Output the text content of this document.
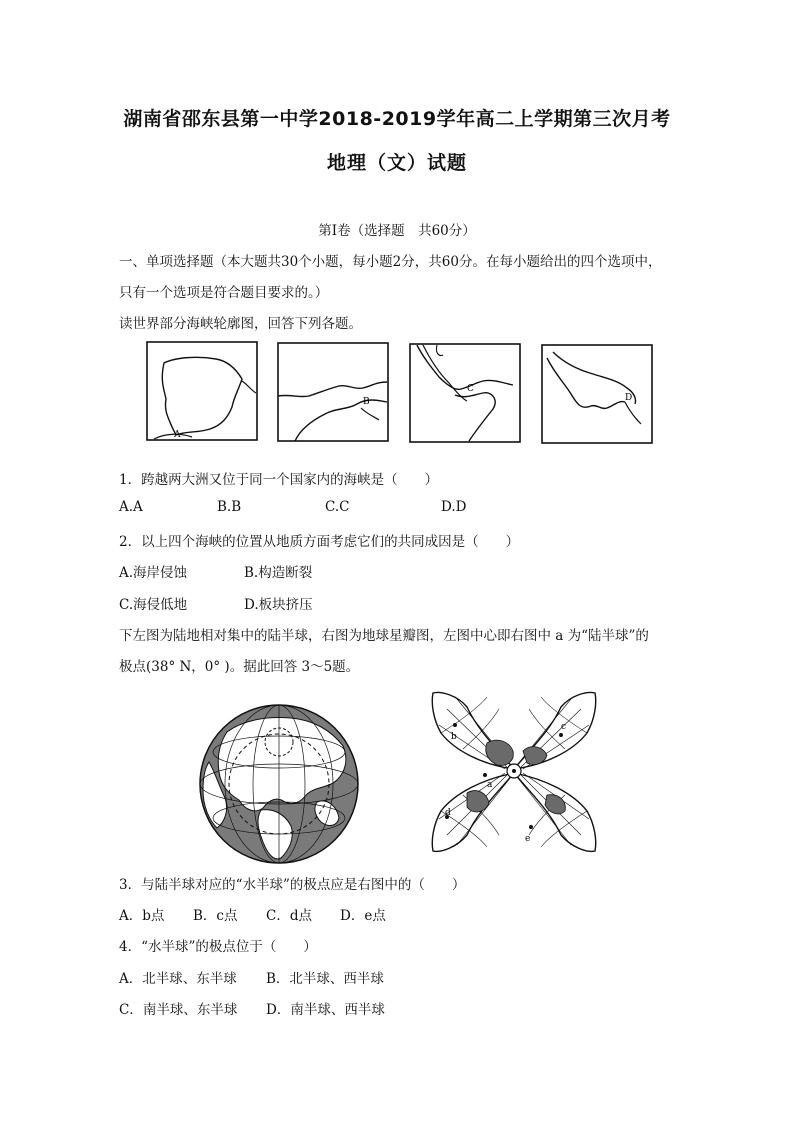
湖南省邵东县第一中学2018-2019学年高二上学期第三次月考
地理（文）试题
第Ⅰ卷（选择题　共60分）
一、单项选择题（本大题共30个小题，每小题2分，共60分。在每小题给出的四个选项中，
只有一个选项是符合题目要求的。）
读世界部分海峡轮廓图，回答下列各题。
A
B
C
D
1．跨越两大洲又位于同一个国家内的海峡是（　　）
A.A	B.B	C.C	D.D
2．以上四个海峡的位置从地质方面考虑它们的共同成因是（　　）
A.海岸侵蚀	B.构造断裂
C.海侵低地	D.板块挤压
下左图为陆地相对集中的陆半球，右图为地球星瓣图，左图中心即右图中 a 为“陆半球”的
极点(38° N，0° )。据此回答 3～5题。
a
b
c
d
e
3．与陆半球对应的“水半球”的极点应是右图中的（　　）
A．b点 B．c点 C．d点 D．e点
4．“水半球”的极点位于（　　）
A．北半球、东半球 B．北半球、西半球
C．南半球、东半球 D．南半球、西半球
